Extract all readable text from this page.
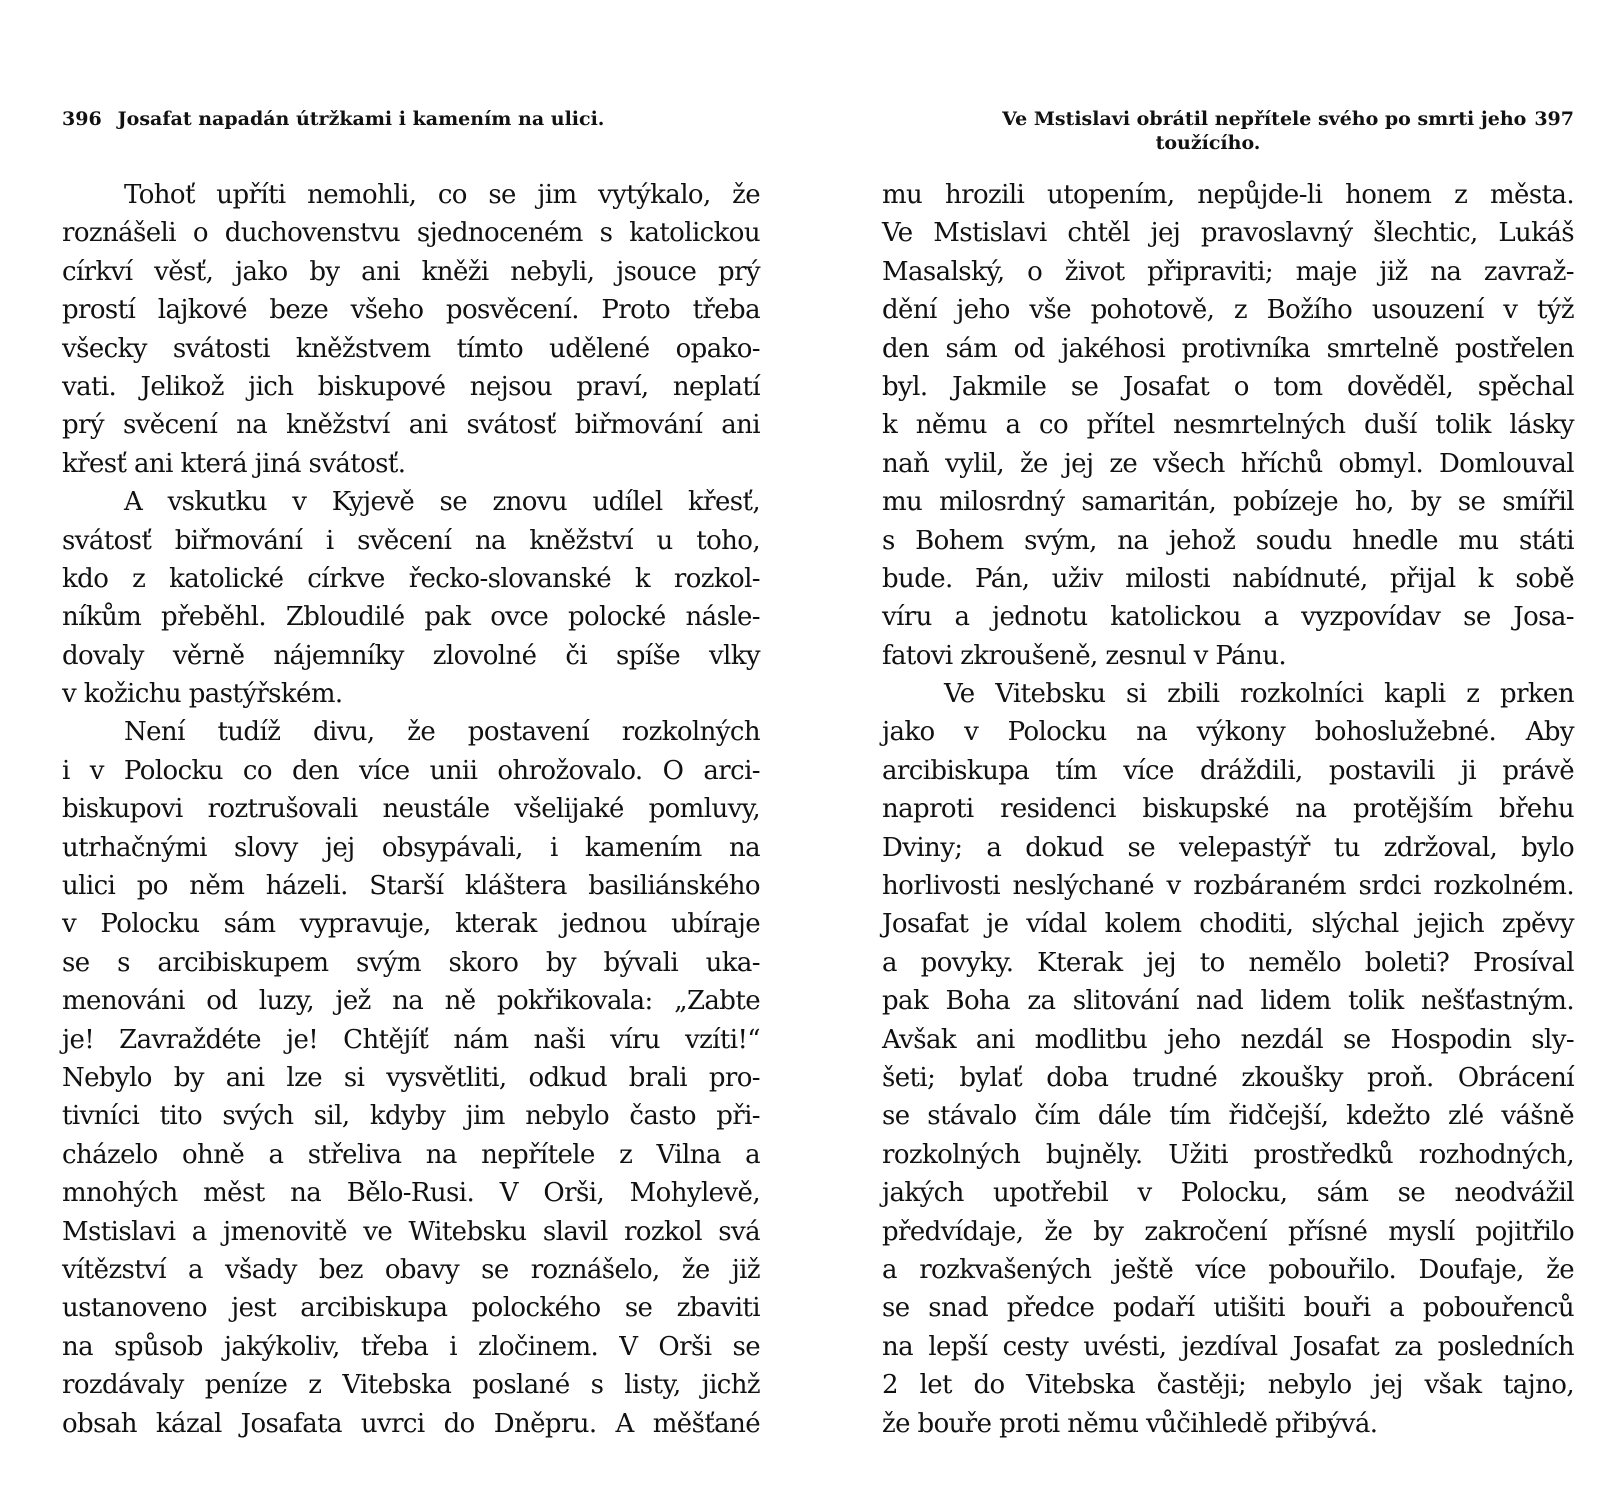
396 Josafat napadán útržkami i kamením na ulici.
Tohoť upříti nemohli, co se jim vytýkalo, že
roznášeli o duchovenstvu sjednoceném s katolickou
církví věsť, jako by ani kněži nebyli, jsouce prý
prostí lajkové beze všeho posvěcení. Proto třeba
všecky svátosti kněžstvem tímto udělené opako-
vati. Jelikož jich biskupové nejsou praví, neplatí
prý svěcení na kněžství ani svátosť biřmování ani
křesť ani která jiná svátosť.
A vskutku v Kyjevě se znovu udílel křesť,
svátosť biřmování i svěcení na kněžství u toho,
kdo z katolické církve řecko-slovanské k rozkol-
níkům přeběhl. Zbloudilé pak ovce polocké násle-
dovaly věrně nájemníky zlovolné či spíše vlky
v kožichu pastýřském.
Není tudíž divu, že postavení rozkolných
i v Polocku co den více unii ohrožovalo. O arci-
biskupovi roztrušovali neustále všelijaké pomluvy,
utrhačnými slovy jej obsypávali, i kamením na
ulici po něm házeli. Starší kláštera basiliánského
v Polocku sám vypravuje, kterak jednou ubíraje
se s arcibiskupem svým skoro by bývali uka-
menováni od luzy, jež na ně pokřikovala: „Zabte
je! Zavraždéte je! Chtějíť nám naši víru vzíti!“
Nebylo by ani lze si vysvětliti, odkud brali pro-
tivníci tito svých sil, kdyby jim nebylo často při-
cházelo ohně a střeliva na nepřítele z Vilna a
mnohých měst na Bělo-Rusi. V Orši, Mohylevě,
Mstislavi a jmenovitě ve Witebsku slavil rozkol svá
vítězství a všady bez obavy se roznášelo, že již
ustanoveno jest arcibiskupa polockého se zbaviti
na spůsob jakýkoliv, třeba i zločinem. V Orši se
rozdávaly peníze z Vitebska poslané s listy, jichž
obsah kázal Josafata uvrci do Dněpru. A měšťané
Ve Mstislavi obrátil nepřítele svého po smrti jeho 397
toužícího.
mu hrozili utopením, nepůjde-li honem z města.
Ve Mstislavi chtěl jej pravoslavný šlechtic, Lukáš
Masalský, o život připraviti; maje již na zavraž-
dění jeho vše pohotově, z Božího usouzení v týž
den sám od jakéhosi protivníka smrtelně postřelen
byl. Jakmile se Josafat o tom dověděl, spěchal
k němu a co přítel nesmrtelných duší tolik lásky
naň vylil, že jej ze všech hříchů obmyl. Domlouval
mu milosrdný samaritán, pobízeje ho, by se smířil
s Bohem svým, na jehož soudu hnedle mu státi
bude. Pán, uživ milosti nabídnuté, přijal k sobě
víru a jednotu katolickou a vyzpovídav se Josa-
fatovi zkroušeně, zesnul v Pánu.
Ve Vitebsku si zbili rozkolníci kapli z prken
jako v Polocku na výkony bohoslužebné. Aby
arcibiskupa tím více dráždili, postavili ji právě
naproti residenci biskupské na protějším břehu
Dviny; a dokud se velepastýř tu zdržoval, bylo
horlivosti neslýchané v rozbáraném srdci rozkolném.
Josafat je vídal kolem choditi, slýchal jejich zpěvy
a povyky. Kterak jej to nemělo boleti? Prosíval
pak Boha za slitování nad lidem tolik nešťastným.
Avšak ani modlitbu jeho nezdál se Hospodin sly-
šeti; bylať doba trudné zkoušky proň. Obrácení
se stávalo čím dále tím řidčejší, kdežto zlé vášně
rozkolných bujněly. Užiti prostředků rozhodných,
jakých upotřebil v Polocku, sám se neodvážil
předvídaje, že by zakročení přísné myslí pojitřilo
a rozkvašených ještě více pobouřilo. Doufaje, že
se snad předce podaří utišiti bouři a pobouřenců
na lepší cesty uvésti, jezdíval Josafat za posledních
2 let do Vitebska častěji; nebylo jej však tajno,
že bouře proti němu vůčihledě přibývá.
